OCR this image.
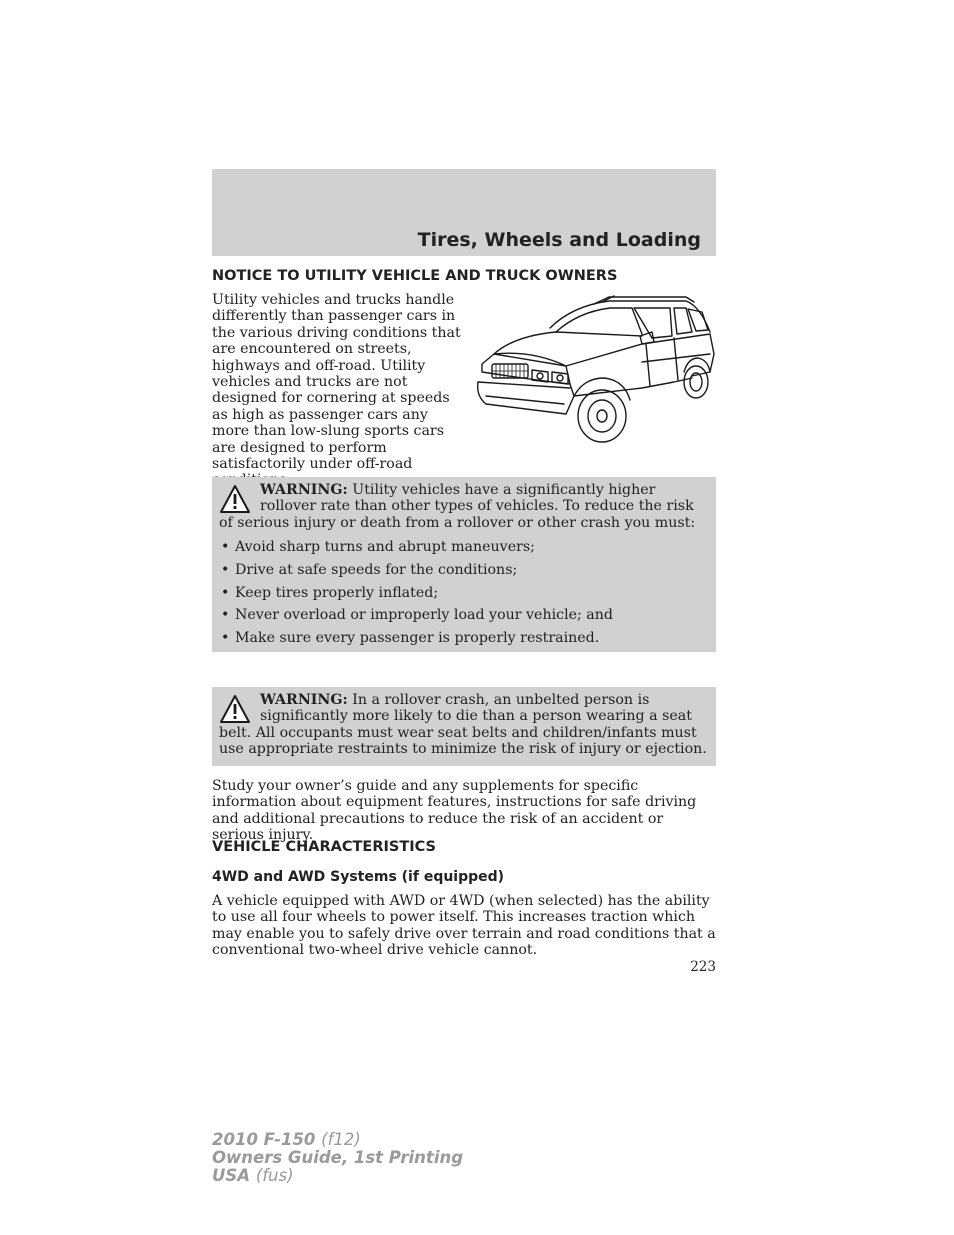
Tires, Wheels and Loading
NOTICE TO UTILITY VEHICLE AND TRUCK OWNERS

Utility vehicles and trucks handle differently than passenger cars in the various driving conditions that are encountered on streets, highways and off-road. Utility vehicles and trucks are not designed for cornering at speeds as high as passenger cars any more than low-slung sports cars are designed to perform satisfactorily under off-road

WARNING: Utility vehicles have a significantly higher rollover rate than other types of vehicles. To reduce the risk of serious injury or death from a rollover or other crash you must:

• Avoid sharp turns and abrupt maneuvers;
• Drive at safe speeds for the conditions;
• Keep tires properly inflated;
• Never overload or improperly load your vehicle; and
• Make sure every passenger is properly restrained.

WARNING: In a rollover crash, an unbelted person is significantly more likely to die than a person wearing a seat belt. All occupants must wear seat belts and children/infants must use appropriate restraints to minimize the risk of injury or ejection.

Study your owner’s guide and any supplements for specific information about equipment features, instructions for safe driving and additional precautions to reduce the risk of an accident or serious injury.

VEHICLE CHARACTERISTICS
4WD and AWD Systems (if equipped)

A vehicle equipped with AWD or 4WD (when selected) has the ability to use all four wheels to power itself. This increases traction which may enable you to safely drive over terrain and road conditions that a conventional two-wheel drive vehicle cannot.

223
2010 F-150 (f12)
Owners Guide, 1st Printing
USA (fus)
